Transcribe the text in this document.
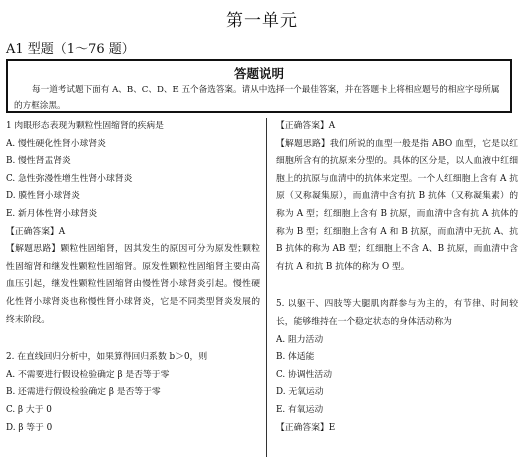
第一单元
A1 型题（1～76 题）
答题说明
每一道考试题下面有 A、B、C、D、E 五个备选答案。请从中选择一个最佳答案，并在答题卡上将相应题号的相应字母所属的方框涂黑。
1 肉眼形态表现为颗粒性固缩肾的疾病是
A. 慢性硬化性肾小球肾炎
B. 慢性肾盂肾炎
C. 急性弥漫性增生性肾小球肾炎
D. 膜性肾小球肾炎
E. 新月体性肾小球肾炎
【正确答案】A
【解题思路】颗粒性固缩肾，因其发生的原因可分为原发性颗粒性固缩肾和继发性颗粒性固缩肾。原发性颗粒性固缩肾主要由高血压引起，继发性颗粒性固缩肾由慢性肾小球肾炎引起。慢性硬化性肾小球肾炎也称慢性肾小球肾炎，它是不同类型肾炎发展的终末阶段。
2. 在直线回归分析中，如果算得回归系数 b＞0，则
A. 不需要进行假设检验确定 β 是否等于零
B. 还需进行假设检验确定 β 是否等于零
C. β 大于 0
D. β 等于 0
【正确答案】A
【解题思路】我们所说的血型一般是指 ABO 血型，它是以红细胞所含有的抗原来分型的。具体的区分是，以人血液中红细胞上的抗原与血清中的抗体来定型。一个人红细胞上含有 A 抗原（又称凝集原），而血清中含有抗 B 抗体（又称凝集素）的称为 A 型；红细胞上含有 B 抗原，而血清中含有抗 A 抗体的称为 B 型；红细胞上含有 A 和 B 抗原，而血清中无抗 A、抗 B 抗体的称为 AB 型；红细胞上不含 A、B 抗原，而血清中含有抗 A 和抗 B 抗体的称为 O 型。
5. 以躯干、四肢等大腿肌肉群参与为主的，有节律、时间较长，能够维持在一个稳定状态的身体活动称为
A. 阻力活动
B. 体适能
C. 协调性活动
D. 无氧运动
E. 有氧运动
【正确答案】E
